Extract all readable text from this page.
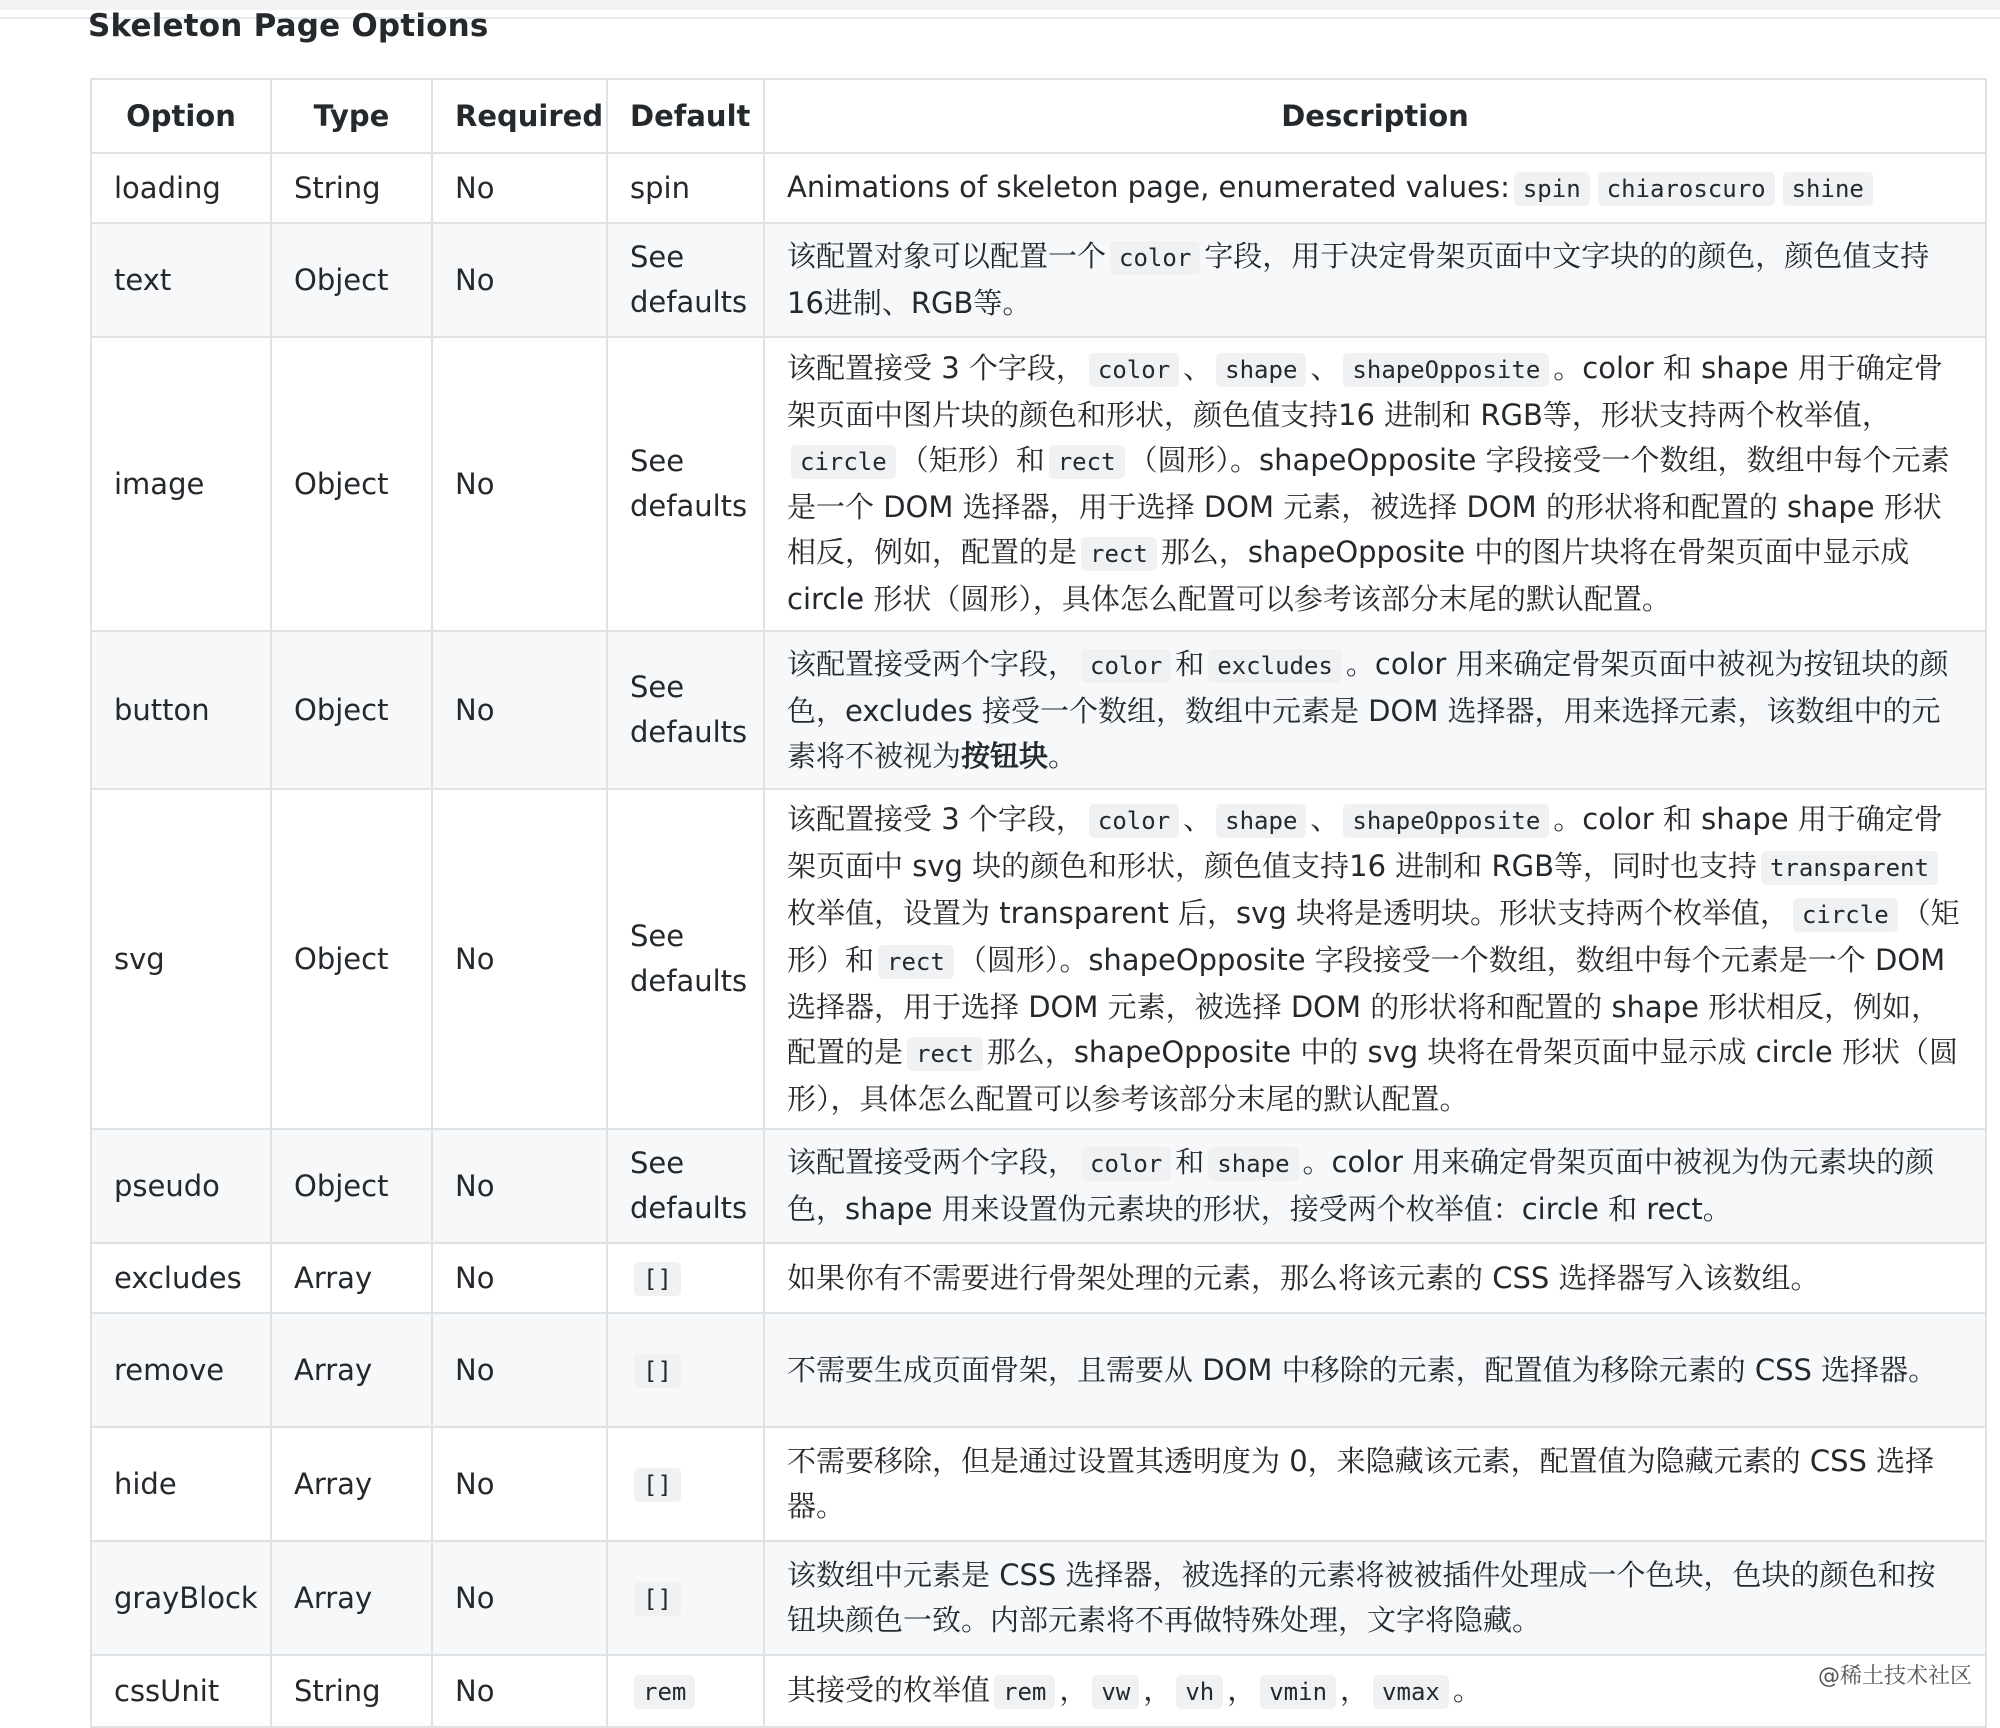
Skeleton Page Options
Option	Type	Required	Default	Description
loading	String	No	spin	Animations of skeleton page, enumerated values: spin chiaroscuro shine
text	Object	No	See defaults	该配置对象可以配置一个 color 字段，用于决定骨架页面中文字块的的颜色，颜色值支持16进制、RGB等。
image	Object	No	See defaults	该配置接受 3 个字段， color 、 shape 、 shapeOpposite 。color 和 shape 用于确定骨架页面中图片块的颜色和形状，颜色值支持16 进制和 RGB等，形状支持两个枚举值，circle （矩形）和 rect （圆形）。shapeOpposite 字段接受一个数组，数组中每个元素是一个 DOM 选择器，用于选择 DOM 元素，被选择 DOM 的形状将和配置的 shape 形状相反，例如，配置的是 rect 那么，shapeOpposite 中的图片块将在骨架页面中显示成 circle 形状（圆形），具体怎么配置可以参考该部分末尾的默认配置。
button	Object	No	See defaults	该配置接受两个字段， color 和 excludes 。color 用来确定骨架页面中被视为按钮块的颜色，excludes 接受一个数组，数组中元素是 DOM 选择器，用来选择元素，该数组中的元素将不被视为按钮块。
svg	Object	No	See defaults	该配置接受 3 个字段， color 、 shape 、 shapeOpposite 。color 和 shape 用于确定骨架页面中 svg 块的颜色和形状，颜色值支持16 进制和 RGB等，同时也支持 transparent枚举值，设置为 transparent 后，svg 块将是透明块。形状支持两个枚举值， circle （矩形）和 rect （圆形）。shapeOpposite 字段接受一个数组，数组中每个元素是一个 DOM 选择器，用于选择 DOM 元素，被选择 DOM 的形状将和配置的 shape 形状相反，例如，配置的是 rect 那么，shapeOpposite 中的 svg 块将在骨架页面中显示成 circle 形状（圆形），具体怎么配置可以参考该部分末尾的默认配置。
pseudo	Object	No	See defaults	该配置接受两个字段， color 和 shape 。color 用来确定骨架页面中被视为伪元素块的颜色，shape 用来设置伪元素块的形状，接受两个枚举值：circle 和 rect。
excludes	Array	No	[]	如果你有不需要进行骨架处理的元素，那么将该元素的 CSS 选择器写入该数组。
remove	Array	No	[]	不需要生成页面骨架，且需要从 DOM 中移除的元素，配置值为移除元素的 CSS 选择器。
hide	Array	No	[]	不需要移除，但是通过设置其透明度为 0，来隐藏该元素，配置值为隐藏元素的 CSS 选择器。
grayBlock	Array	No	[]	该数组中元素是 CSS 选择器，被选择的元素将被被插件处理成一个色块，色块的颜色和按钮块颜色一致。内部元素将不再做特殊处理，文字将隐藏。
cssUnit	String	No	rem	其接受的枚举值 rem ， vw ， vh ， vmin ， vmax 。	@稀土技术社区
